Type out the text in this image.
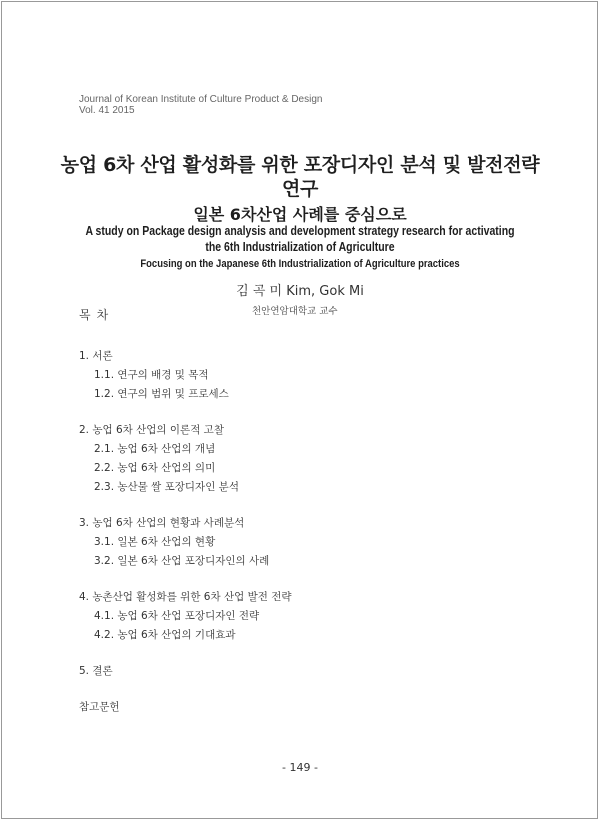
Journal of Korean Institute of Culture Product & Design
Vol. 41 2015
농업 6차 산업 활성화를 위한 포장디자인 분석 및 발전전략
연구
일본 6차산업 사례를 중심으로
A study on Package design analysis and development strategy research for activating
the 6th Industrialization of Agriculture
Focusing on the Japanese 6th Industrialization of Agriculture practices
김 곡 미 Kim, Gok Mi
목차	천안연암대학교 교수
1. 서론
1.1. 연구의 배경 및 목적
1.2. 연구의 범위 및 프로세스
2. 농업 6차 산업의 이론적 고찰
2.1. 농업 6차 산업의 개념
2.2. 농업 6차 산업의 의미
2.3. 농산물 쌀 포장디자인 분석
3. 농업 6차 산업의 현황과 사례분석
3.1. 일본 6차 산업의 현황
3.2. 일본 6차 산업 포장디자인의 사례
4. 농촌산업 활성화를 위한 6차 산업 발전 전략
4.1. 농업 6차 산업 포장디자인 전략
4.2. 농업 6차 산업의 기대효과
5. 결론
참고문헌
- 149 -
